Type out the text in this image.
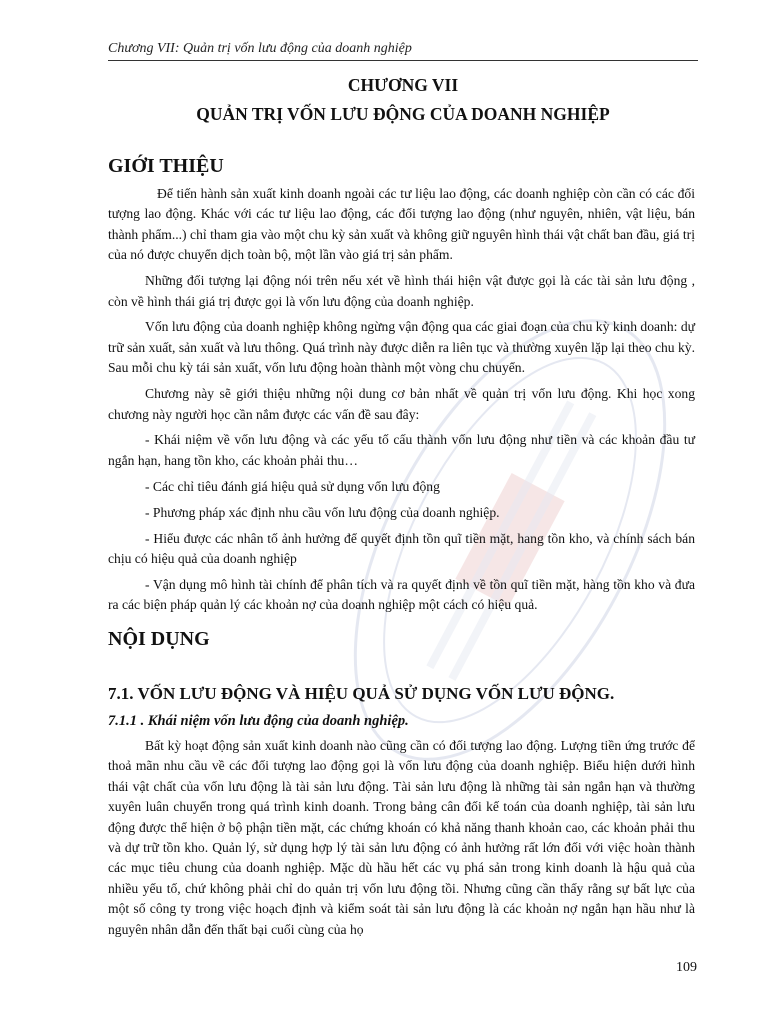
Chương VII: Quản trị vốn lưu động của doanh nghiệp
CHƯƠNG VII
QUẢN TRỊ VỐN LƯU ĐỘNG CỦA DOANH NGHIỆP
GIỚI THIỆU

Để tiến hành sản xuất kinh doanh ngoài các tư liệu lao động, các doanh nghiệp còn cần có các đối tượng lao động. Khác với các tư liệu lao động, các đối tượng lao động (như nguyên, nhiên, vật liệu, bán thành phẩm...) chỉ tham gia vào một chu kỳ sản xuất và không giữ nguyên hình thái vật chất ban đầu, giá trị của nó được chuyển dịch toàn bộ, một lần vào giá trị sản phẩm.

Những đối tượng lại động nói trên nếu xét về hình thái hiện vật được gọi là các tài sản lưu động , còn về hình thái giá trị được gọi là vốn lưu động của doanh nghiệp.

Vốn lưu động của doanh nghiệp không ngừng vận động qua các giai đoạn của chu kỳ kinh doanh: dự trữ sản xuất, sản xuất và lưu thông. Quá trình này được diễn ra liên tục và thường xuyên lặp lại theo chu kỳ. Sau mỗi chu kỳ tái sản xuất, vốn lưu động hoàn thành một vòng chu chuyển.

Chương này sẽ giới thiệu những nội dung cơ bản nhất về quản trị vốn lưu động. Khi học xong chương này người học cần nắm được các vấn đề sau đây:

- Khái niệm về vốn lưu động và các yếu tố cấu thành vốn lưu động như tiền và các khoản đầu tư ngắn hạn, hang tồn kho, các khoản phải thu…

- Các chỉ tiêu đánh giá hiệu quả sử dụng vốn lưu động

- Phương pháp xác định nhu cầu vốn lưu động của doanh nghiệp.

- Hiểu được các nhân tố ảnh hưởng để quyết định tồn quĩ tiền mặt, hang tồn kho, và chính sách bán chịu có hiệu quả của doanh nghiệp

- Vận dụng mô hình tài chính để phân tích và ra quyết định về tồn quĩ tiền mặt, hàng tồn kho và đưa ra các biện pháp quản lý các khoản nợ của doanh nghiệp một cách có hiệu quả.

NỘI DỤNG
7.1. VỐN LƯU ĐỘNG VÀ HIỆU QUẢ SỬ DỤNG VỐN LƯU ĐỘNG.
7.1.1 . Khái niệm vốn lưu động của doanh nghiệp.

Bất kỳ hoạt động sản xuất kinh doanh nào cũng cần có đối tượng lao động. Lượng tiền ứng trước để thoả mãn nhu cầu về các đối tượng lao động gọi là vốn lưu động của doanh nghiệp. Biểu hiện dưới hình thái vật chất của vốn lưu động là tài sản lưu động. Tài sản lưu động là những tài sản ngắn hạn và thường xuyên luân chuyển trong quá trình kinh doanh. Trong bảng cân đối kế toán của doanh nghiệp, tài sản lưu động được thể hiện ở bộ phận tiền mặt, các chứng khoán có khả năng thanh khoản cao, các khoản phải thu và dự trữ tồn kho. Quản lý, sử dụng hợp lý tài sản lưu động có ảnh hưởng rất lớn đối với việc hoàn thành các mục tiêu chung của doanh nghiệp. Mặc dù hầu hết các vụ phá sản trong kinh doanh là hậu quả của nhiều yếu tố, chứ không phải chỉ do quản trị vốn lưu động tồi. Nhưng cũng cần thấy rằng sự bất lực của một số công ty trong việc hoạch định và kiểm soát tài sản lưu động là các khoản nợ ngắn hạn hầu như là nguyên nhân dẫn đến thất bại cuối cùng của họ

109
